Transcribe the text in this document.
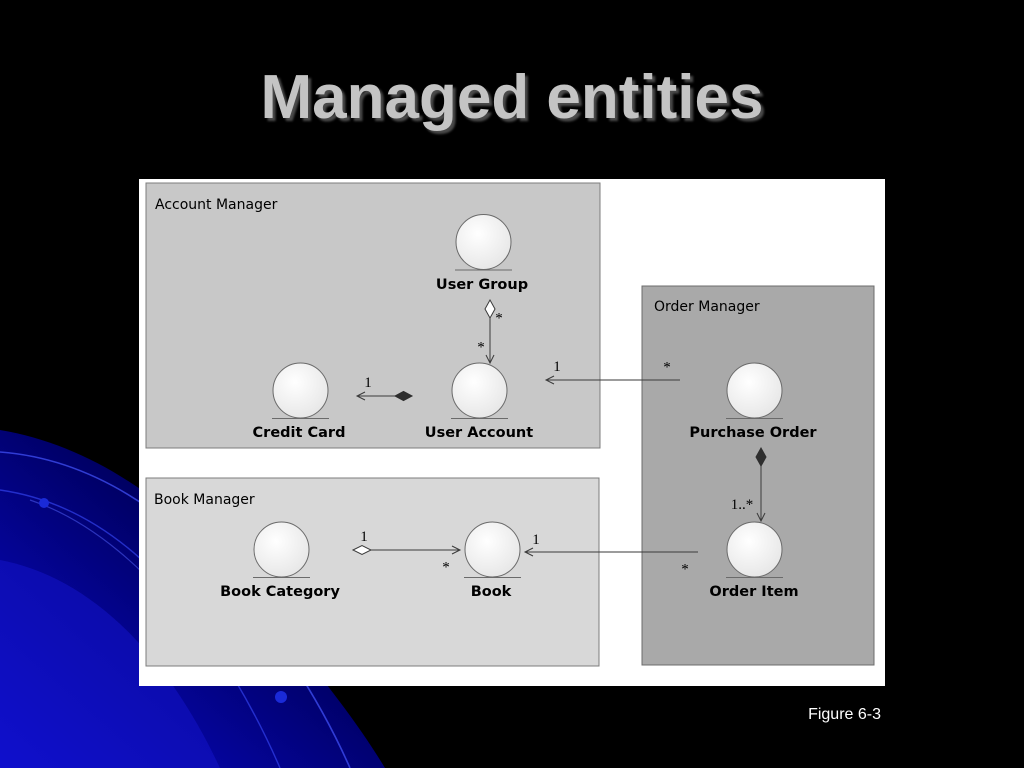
Managed entities
Account Manager
Book Manager
Order Manager
*
*
1
*
1
1..*
1
*	*
1
User Group
Credit Card	User Account	Purchase Order
Book Category	Book	Order Item
Figure 6-3
